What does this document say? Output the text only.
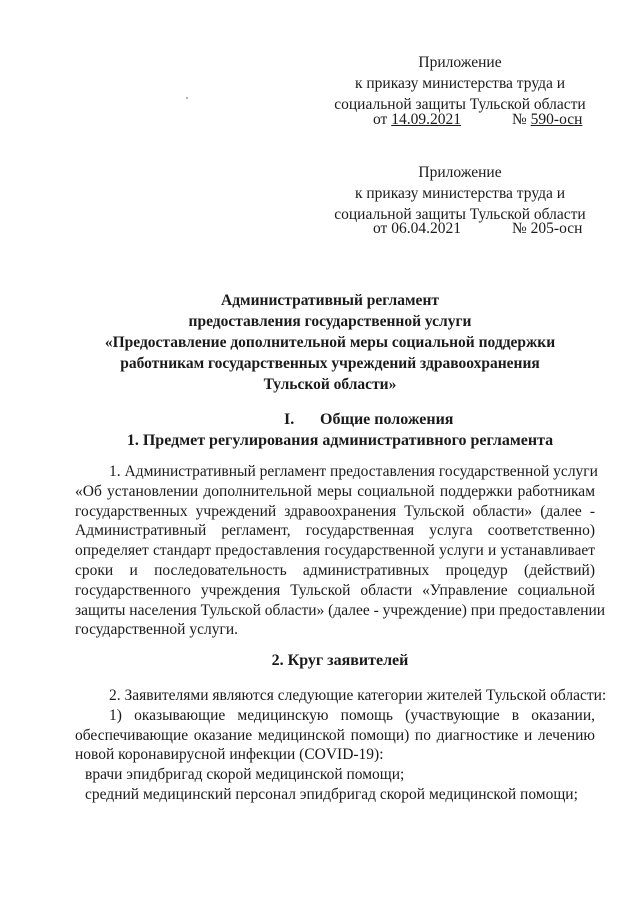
Приложение
к приказу министерства труда и
социальной защиты Тульской области
от 14.09.2021	№ 590-осн
Приложение
к приказу министерства труда и
социальной защиты Тульской области
от 06.04.2021	№ 205-осн
Административный регламент
предоставления государственной услуги
«Предоставление дополнительной меры социальной поддержки
работникам государственных учреждений здравоохранения
Тульской области»
I. Общие положения
1. Предмет регулирования административного регламента
1. Административный регламент предоставления государственной услуги
«Об установлении дополнительной меры социальной поддержки работникам
государственных учреждений здравоохранения Тульской области» (далее -
Административный регламент, государственная услуга соответственно)
определяет стандарт предоставления государственной услуги и устанавливает
сроки и последовательность административных процедур (действий)
государственного учреждения Тульской области «Управление социальной
защиты населения Тульской области» (далее - учреждение) при предоставлении
государственной услуги.
2. Круг заявителей
2. Заявителями являются следующие категории жителей Тульской области:
1) оказывающие медицинскую помощь (участвующие в оказании,
обеспечивающие оказание медицинской помощи) по диагностике и лечению
новой коронавирусной инфекции (COVID-19):
врачи эпидбригад скорой медицинской помощи;
средний медицинский персонал эпидбригад скорой медицинской помощи;
